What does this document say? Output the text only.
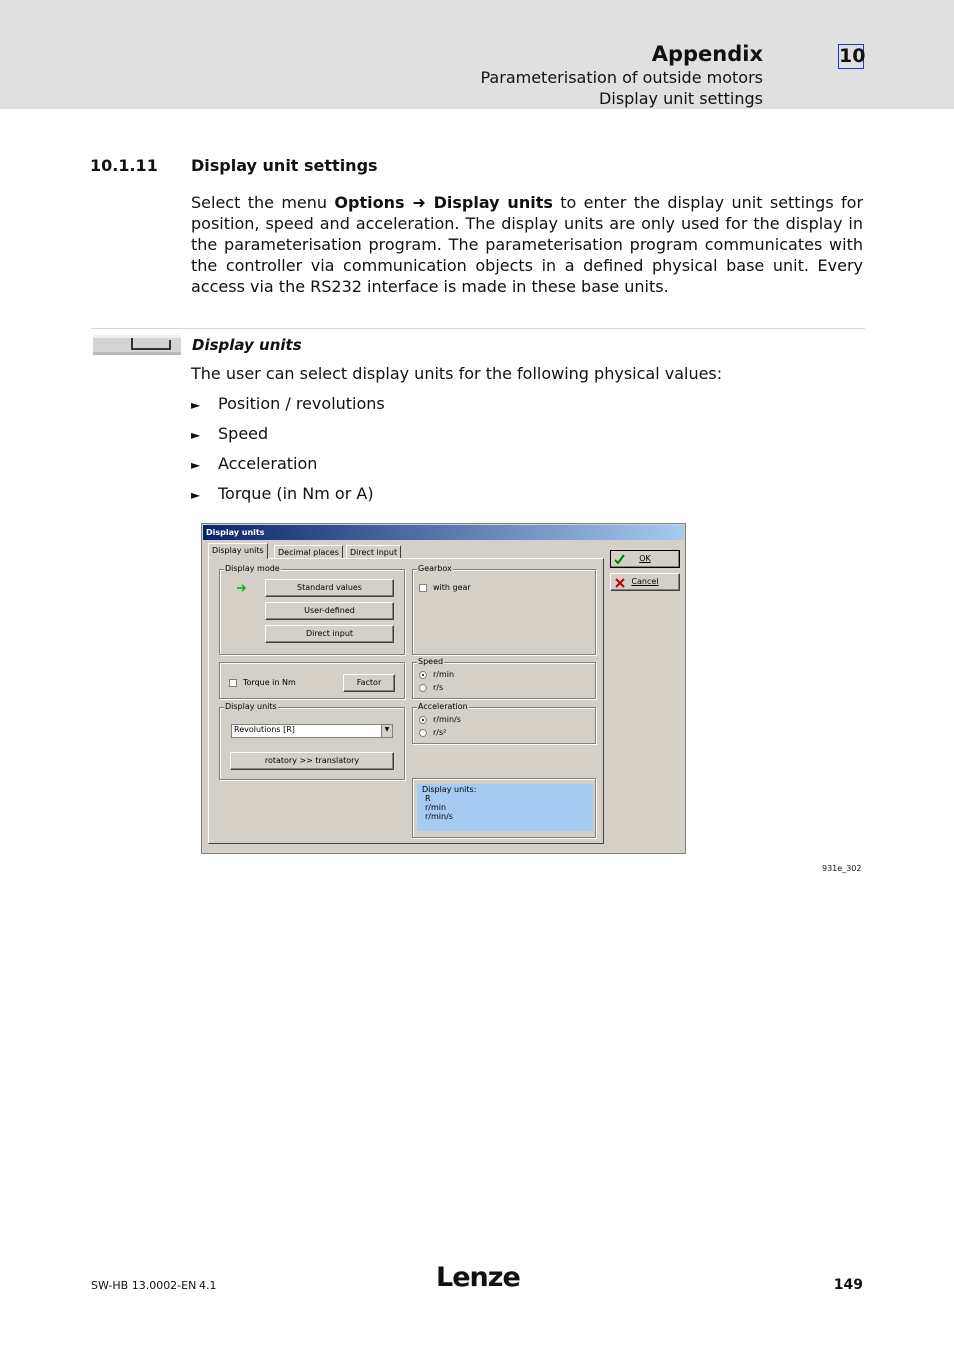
Appendix	10
Parameterisation of outside motors
Display unit settings
10.1.11 Display unit settings

Select the menu Options ➜ Display units to enter the display unit settings for position, speed and acceleration. The display units are only used for the display in the parameterisation program. The parameterisation program communicates with the controller via communication objects in a defined physical base unit. Every access via the RS232 interface is made in these base units.

Display units
The user can select display units for the following physical values:
► Position / revolutions
► Speed
► Acceleration
► Torque (in Nm or A)
Display units
Display units	Decimal places	Direct input
Display mode
Standard values
User-defined
Direct input
Gearbox
with gear
Torque in Nm	Factor
Speed
r/min
r/s
Display units
Revolutions [R]	▼
rotatory >> translatory
Acceleration
r/min/s
r/s²
Display units:
R
r/min
r/min/s
OK
Cancel
931e_302
SW-HB 13.0002-EN 4.1	Lenze	149
